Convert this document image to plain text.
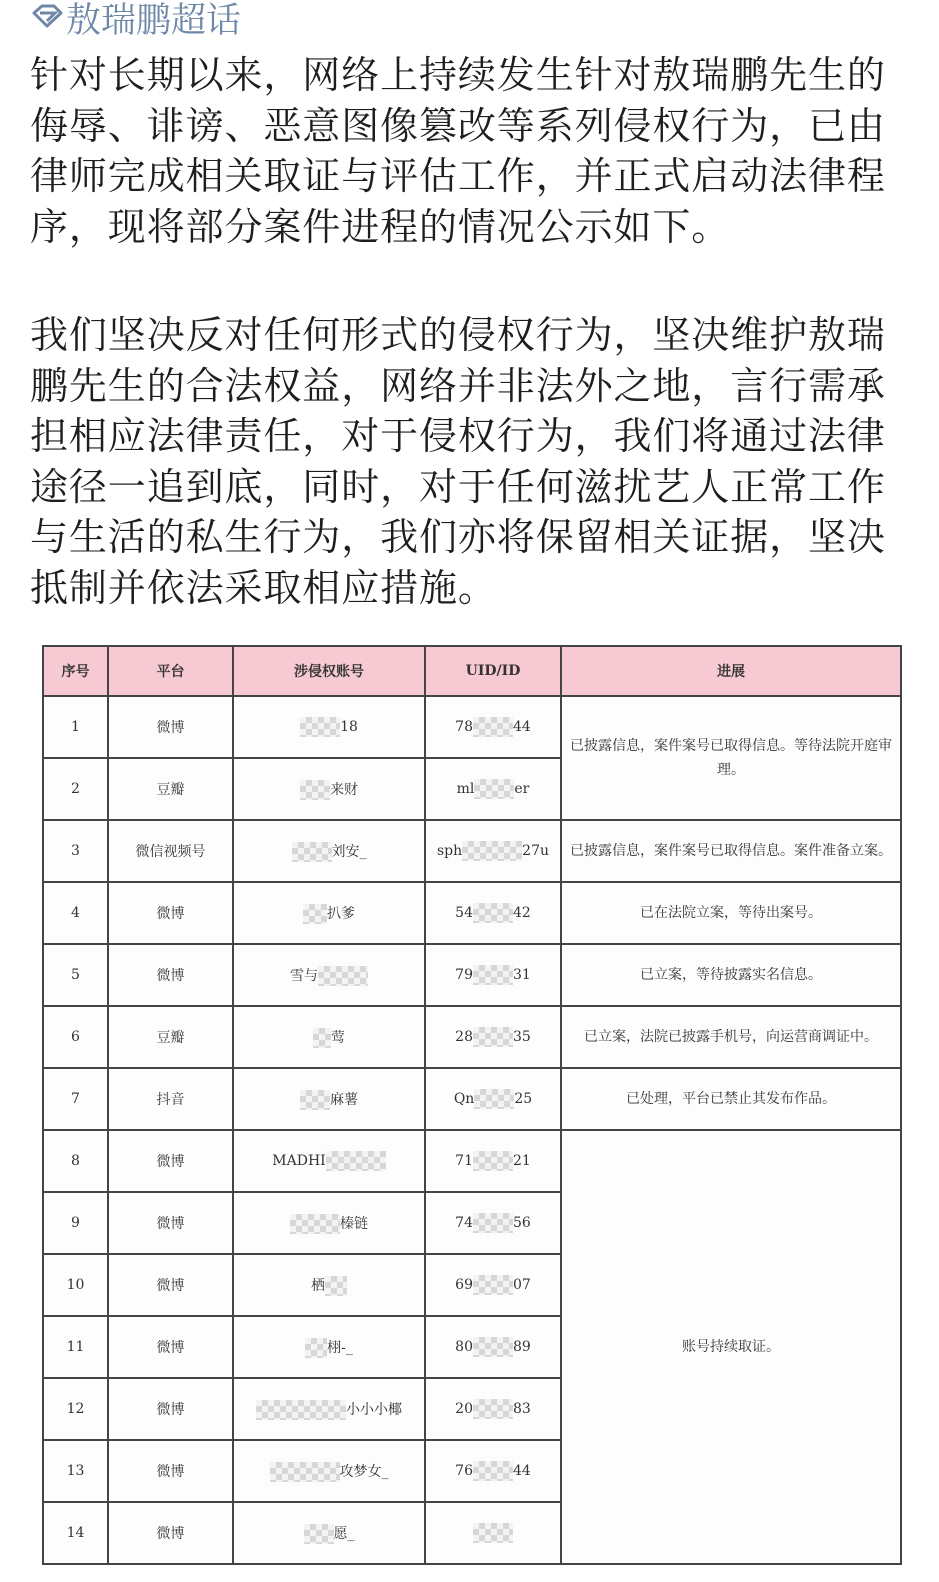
敖瑞鹏超话
针对长期以来，网络上持续发生针对敖瑞鹏先生的侮辱、诽谤、恶意图像篡改等系列侵权行为，已由律师完成相关取证与评估工作，并正式启动法律程序，现将部分案件进程的情况公示如下。
我们坚决反对任何形式的侵权行为，坚决维护敖瑞鹏先生的合法权益，网络并非法外之地，言行需承担相应法律责任，对于侵权行为，我们将通过法律途径一追到底，同时，对于任何滋扰艺人正常工作与生活的私生行为，我们亦将保留相关证据，坚决抵制并依法采取相应措施。
序号	平台	涉侵权账号	UID/ID	进展
1	微博	18	78 44	已披露信息，案件案号已取得信息。等待法院开庭审理。
2	豆瓣	来财	ml er	
3	微信视频号	刘安_	sph 27u	已披露信息，案件案号已取得信息。案件准备立案。
4	微博	扒爹	54 42	已在法院立案，等待出案号。
5	微博	雪与	79 31	已立案，等待披露实名信息。
6	豆瓣	莺	28 35	已立案，法院已披露手机号，向运营商调证中。
7	抖音	麻薯	Qn 25	已处理，平台已禁止其发布作品。
8	微博	MADHI	71 21	账号持续取证。
9	微博	榛链	74 56	
10	微博	栖	69 07	
11	微博	栩-_	80 89	
12	微博	小小小椰	20 83	
13	微博	攻梦女_	76 44	
14	微博	愿_		
